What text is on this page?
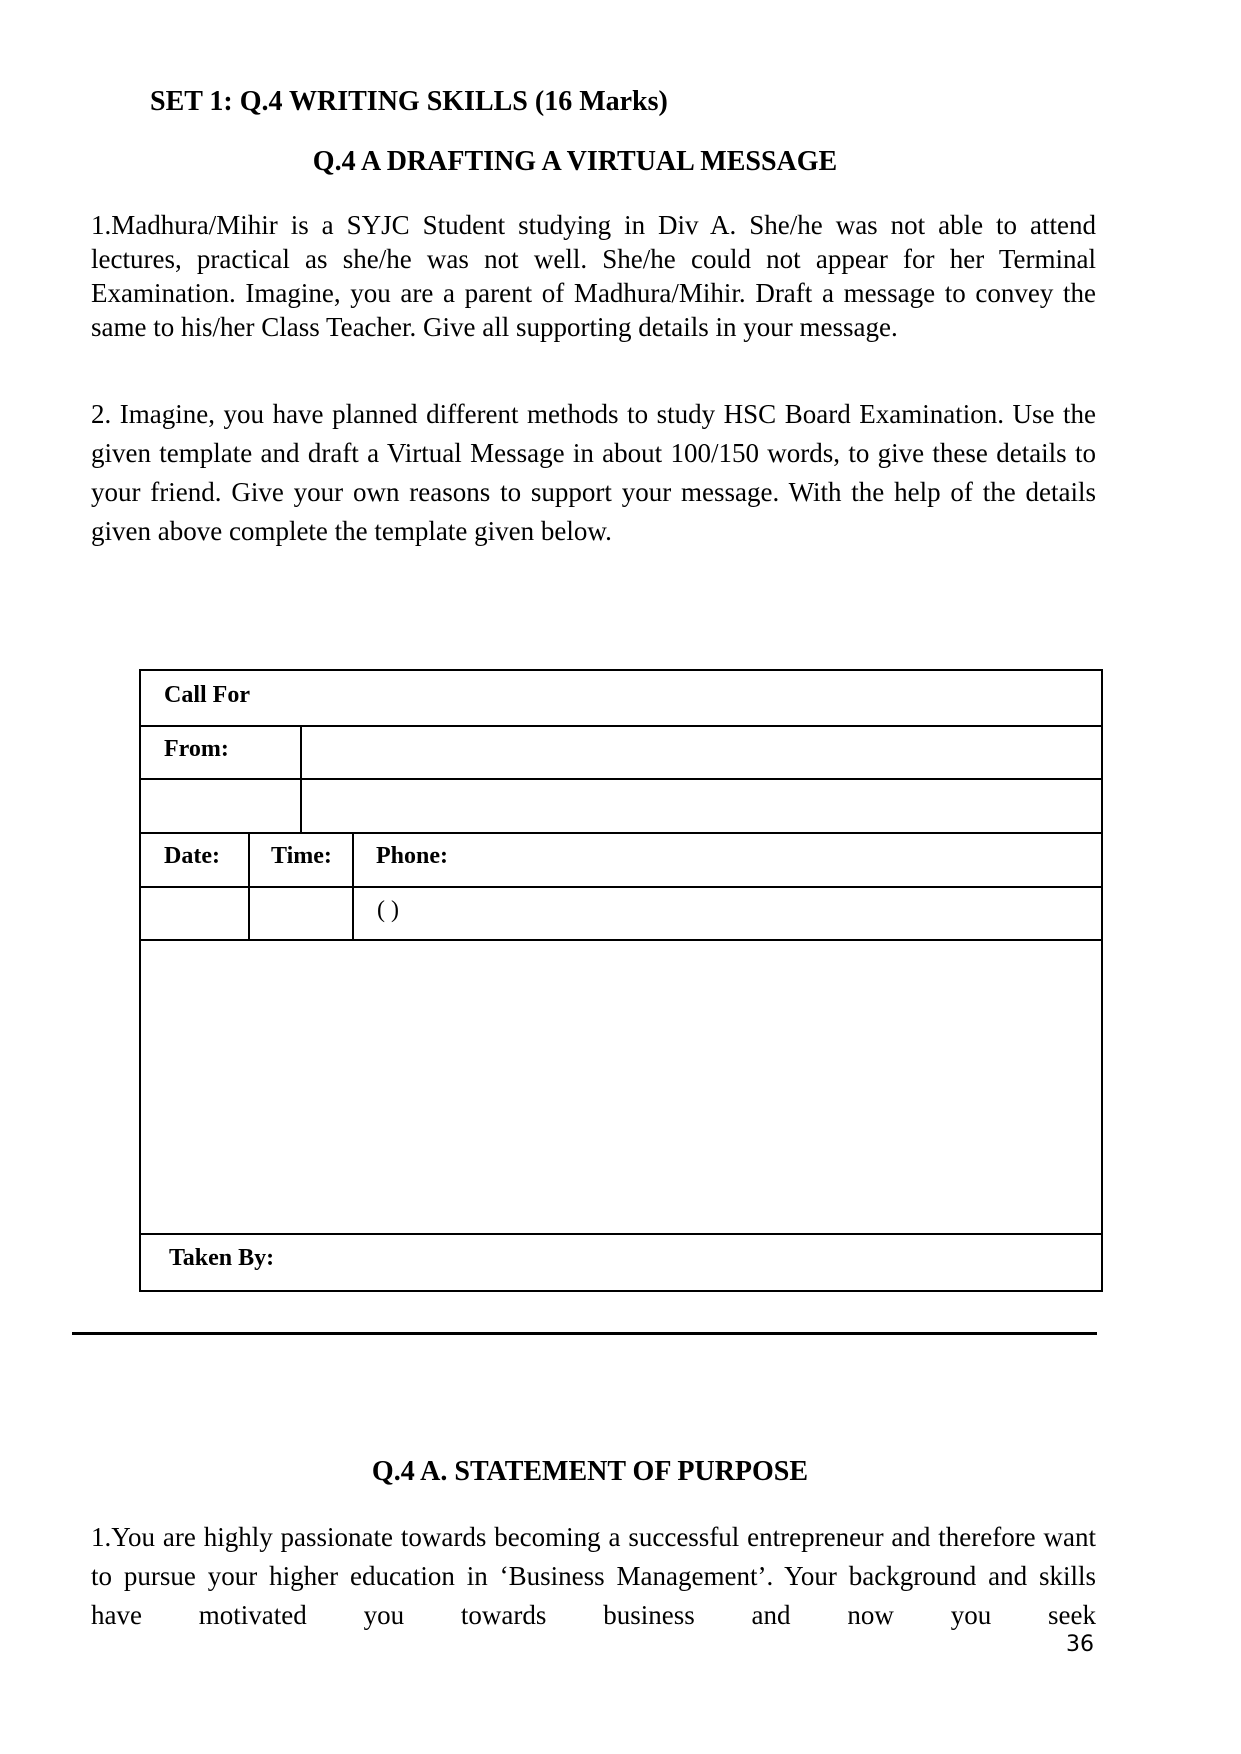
SET 1: Q.4 WRITING SKILLS (16 Marks)
Q.4 A DRAFTING A VIRTUAL MESSAGE
1.Madhura/Mihir is a SYJC Student studying in Div A. She/he was not able to attend lectures, practical as she/he was not well. She/he could not appear for her Terminal Examination. Imagine, you are a parent of Madhura/Mihir. Draft a message to convey the same to his/her Class Teacher. Give all supporting details in your message.
2. Imagine, you have planned different methods to study HSC Board Examination. Use the given template and draft a Virtual Message in about 100/150 words, to give these details to your friend. Give your own reasons to support your message. With the help of the details given above complete the template given below.
Call For
From:
Date: Time: Phone:
( )
Taken By:
Q.4 A. STATEMENT OF PURPOSE
1.You are highly passionate towards becoming a successful entrepreneur and therefore want to pursue your higher education in ‘Business Management’. Your background and skills have motivated you towards business and now you seek
36
